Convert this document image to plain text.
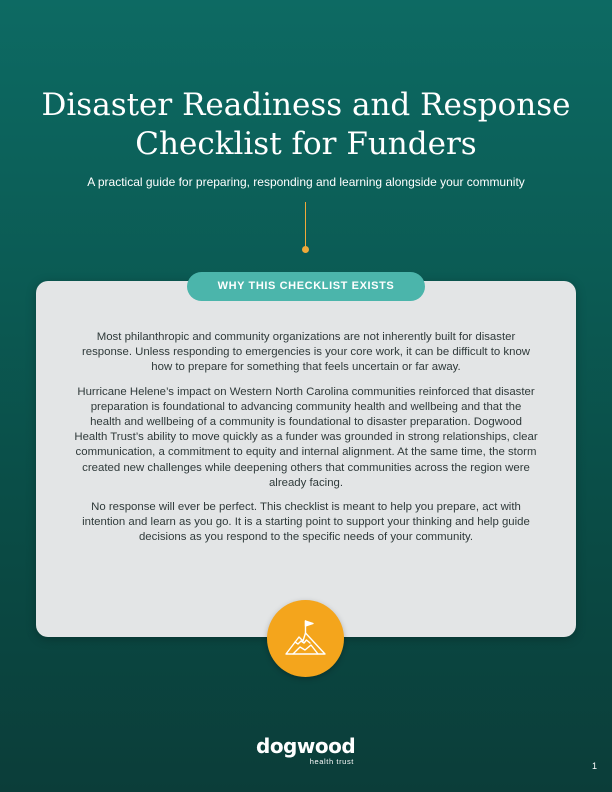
Disaster Readiness and Response
Checklist for Funders
A practical guide for preparing, responding and learning alongside your community
WHY THIS CHECKLIST EXISTS

Most philanthropic and community organizations are not inherently built for disaster response. Unless responding to emergencies is your core work, it can be difficult to know how to prepare for something that feels uncertain or far away.

Hurricane Helene’s impact on Western North Carolina communities reinforced that disaster preparation is foundational to advancing community health and wellbeing and that the health and wellbeing of a community is foundational to disaster preparation. Dogwood Health Trust’s ability to move quickly as a funder was grounded in strong relationships, clear communication, a commitment to equity and internal alignment. At the same time, the storm created new challenges while deepening others that communities across the region were already facing.

No response will ever be perfect. This checklist is meant to help you prepare, act with intention and learn as you go. It is a starting point to support your thinking and help guide decisions as you respond to the specific needs of your community.

dogwood
health trust	1
